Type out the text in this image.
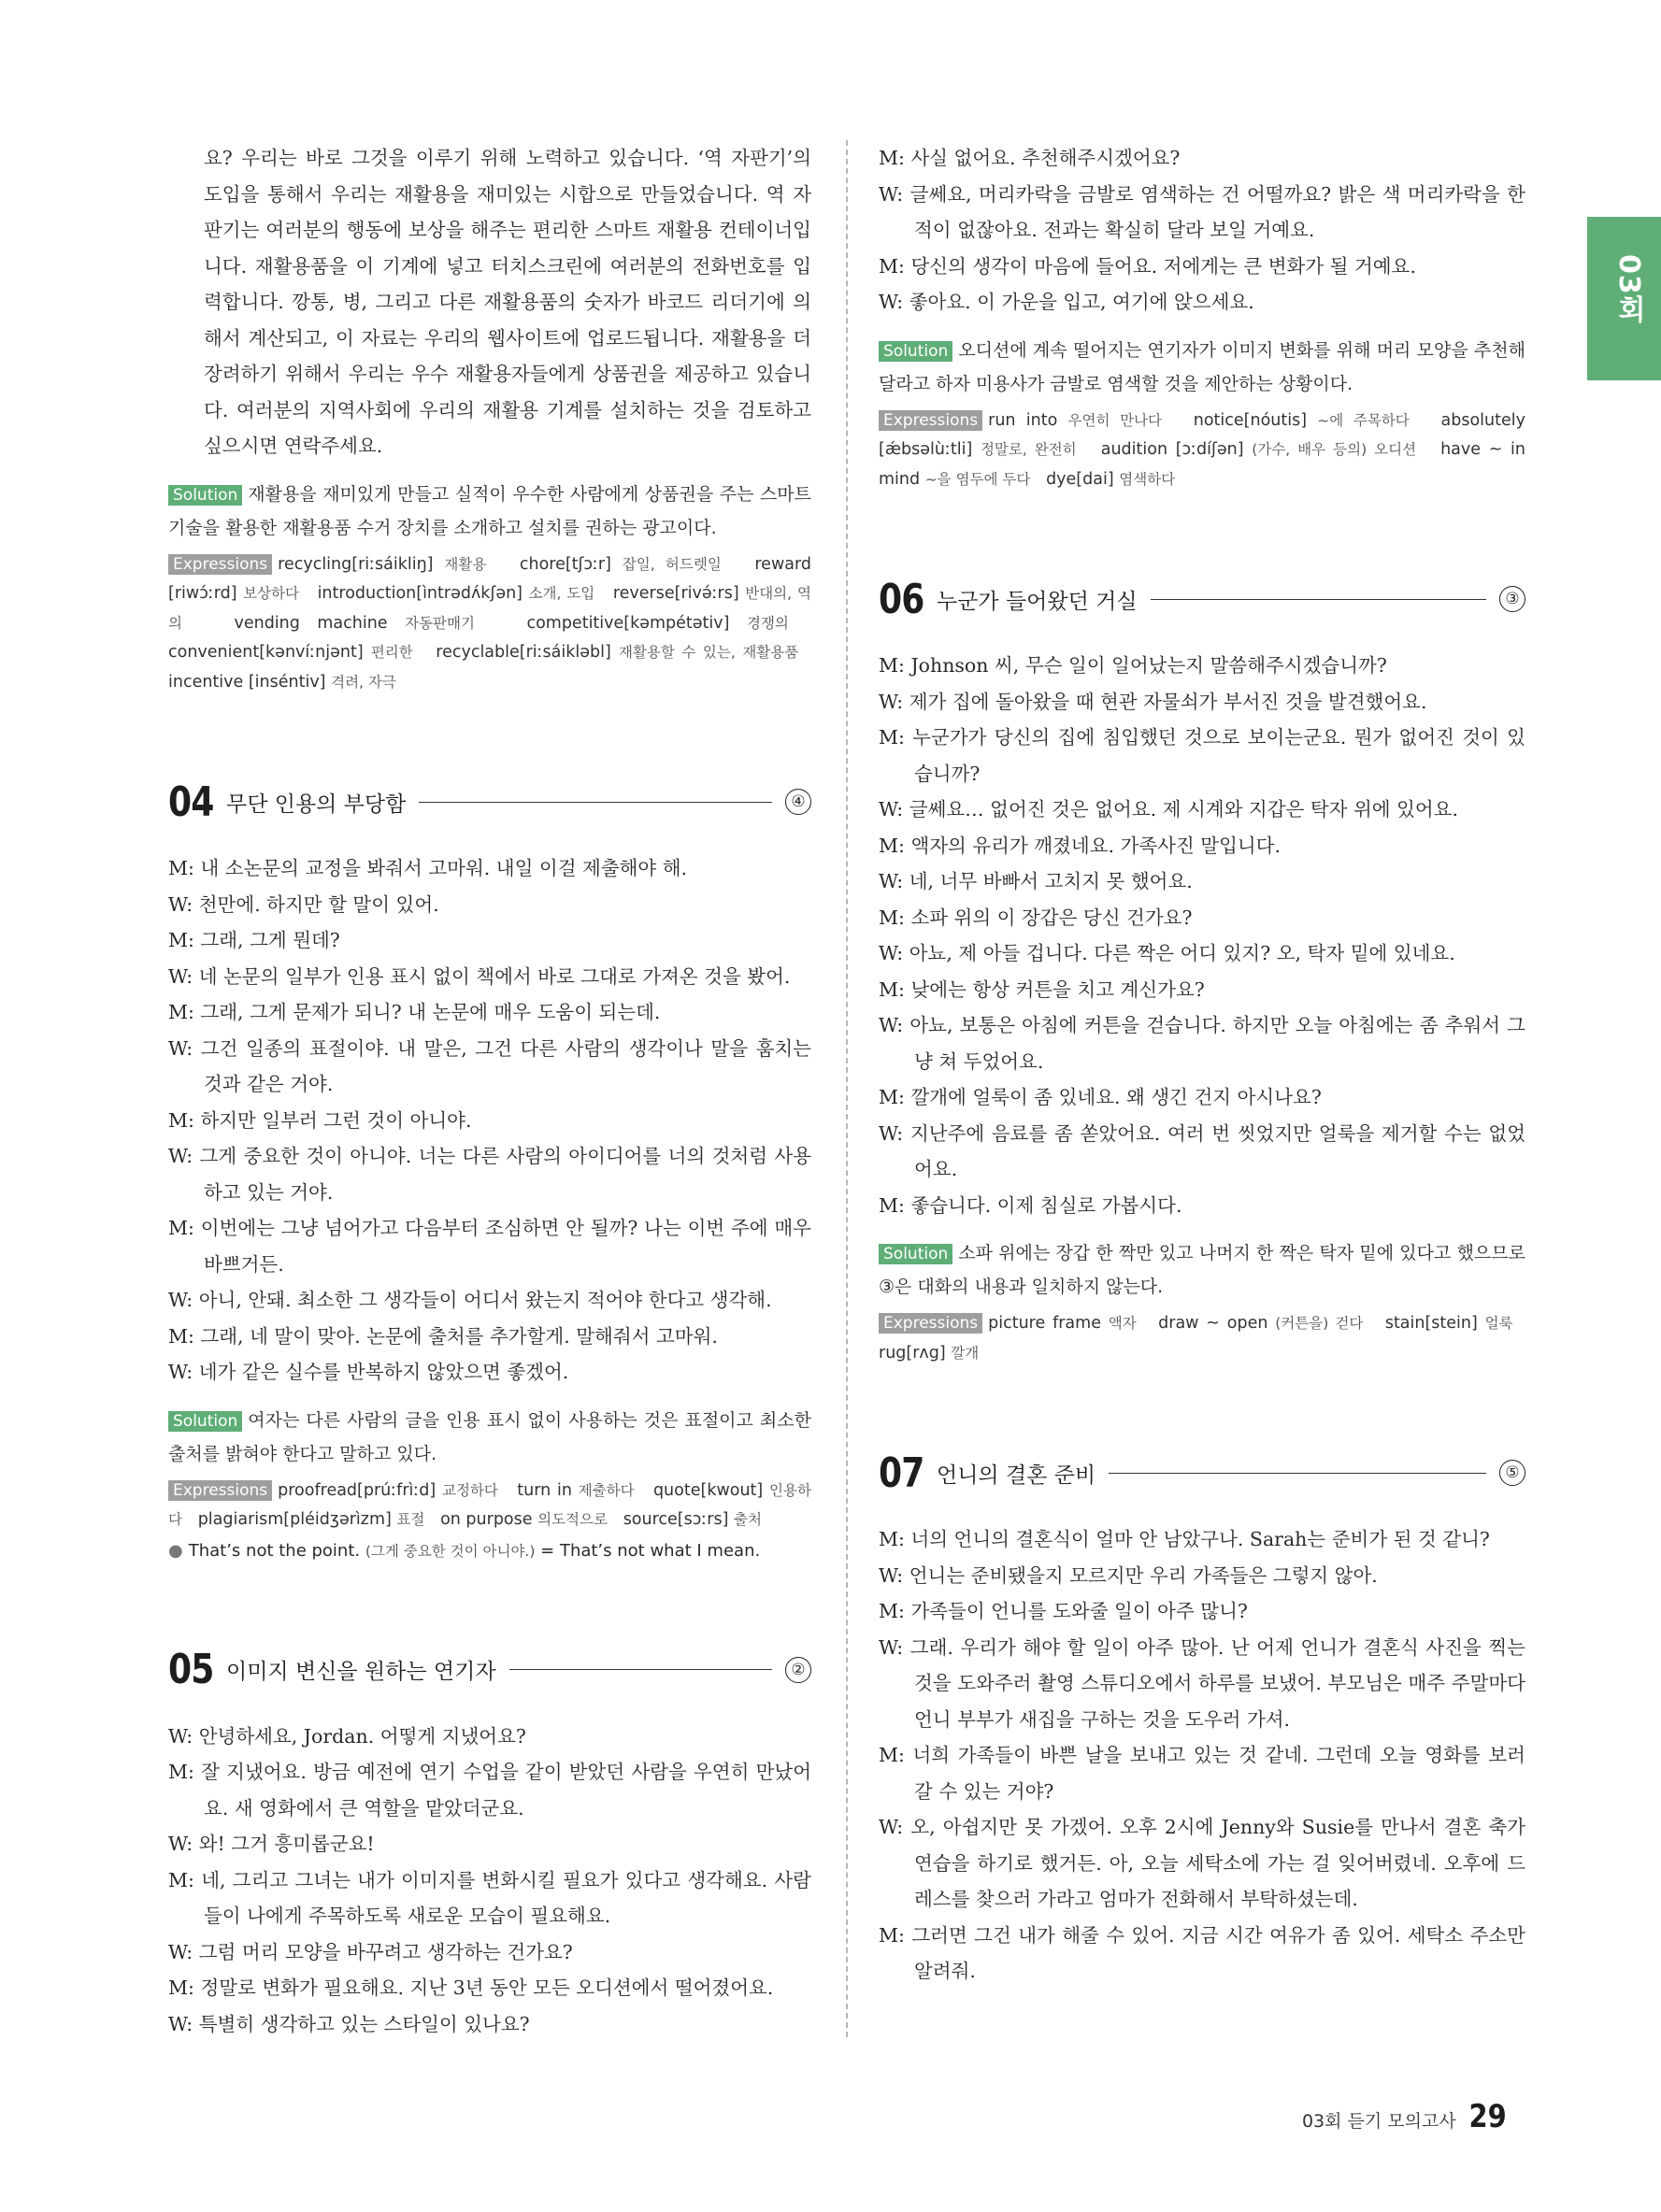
03회

요? 우리는 바로 그것을 이루기 위해 노력하고 있습니다. ‘역 자판기’의 도입을 통해서 우리는 재활용을 재미있는 시합으로 만들었습니다. 역 자판기는 여러분의 행동에 보상을 해주는 편리한 스마트 재활용 컨테이너입니다. 재활용품을 이 기계에 넣고 터치스크린에 여러분의 전화번호를 입력합니다. 깡통, 병, 그리고 다른 재활용품의 숫자가 바코드 리더기에 의해서 계산되고, 이 자료는 우리의 웹사이트에 업로드됩니다. 재활용을 더 장려하기 위해서 우리는 우수 재활용자들에게 상품권을 제공하고 있습니다. 여러분의 지역사회에 우리의 재활용 기계를 설치하는 것을 검토하고 싶으시면 연락주세요.

Solution 재활용을 재미있게 만들고 실적이 우수한 사람에게 상품권을 주는 스마트 기술을 활용한 재활용품 수거 장치를 소개하고 설치를 권하는 광고이다.
Expressions recycling[riːsáikliŋ] 재활용 chore[tʃɔːr] 잡일, 허드렛일 reward [riwɔ́ːrd] 보상하다 introduction[ìntrədʌ́kʃən] 소개, 도입 reverse[rivə́ːrs] 반대의, 역의	vending machine 자동판매기	competitive[kəmpétətiv] 경쟁의   convenient[kənvíːnjənt] 편리한 recyclable[riːsáikləbl] 재활용할 수 있는, 재활용품   incentive [inséntiv] 격려, 자극
04 무단 인용의 부당함	④

M: 내 소논문의 교정을 봐줘서 고마워. 내일 이걸 제출해야 해.

W: 천만에. 하지만 할 말이 있어.

M: 그래, 그게 뭔데?

W: 네 논문의 일부가 인용 표시 없이 책에서 바로 그대로 가져온 것을 봤어.

M: 그래, 그게 문제가 되니? 내 논문에 매우 도움이 되는데.

W: 그건 일종의 표절이야. 내 말은, 그건 다른 사람의 생각이나 말을 훔치는 것과 같은 거야.

M: 하지만 일부러 그런 것이 아니야.

W: 그게 중요한 것이 아니야. 너는 다른 사람의 아이디어를 너의 것처럼 사용하고 있는 거야.

M: 이번에는 그냥 넘어가고 다음부터 조심하면 안 될까? 나는 이번 주에 매우 바쁘거든.

W: 아니, 안돼. 최소한 그 생각들이 어디서 왔는지 적어야 한다고 생각해.

M: 그래, 네 말이 맞아. 논문에 출처를 추가할게. 말해줘서 고마워.

W: 네가 같은 실수를 반복하지 않았으면 좋겠어.

Solution 여자는 다른 사람의 글을 인용 표시 없이 사용하는 것은 표절이고 최소한 출처를 밝혀야 한다고 말하고 있다.
Expressions proofread[prúːfrìːd] 교정하다 turn in 제출하다 quote[kwout] 인용하다 plagiarism[pléidʒərìzm] 표절 on purpose 의도적으로 source[sɔːrs] 출처
● That’s not the point. (그게 중요한 것이 아니야.) = That’s not what I mean.
05 이미지 변신을 원하는 연기자	②

W: 안녕하세요, Jordan. 어떻게 지냈어요?

M: 잘 지냈어요. 방금 예전에 연기 수업을 같이 받았던 사람을 우연히 만났어요. 새 영화에서 큰 역할을 맡았더군요.

W: 와! 그거 흥미롭군요!

M: 네, 그리고 그녀는 내가 이미지를 변화시킬 필요가 있다고 생각해요. 사람들이 나에게 주목하도록 새로운 모습이 필요해요.

W: 그럼 머리 모양을 바꾸려고 생각하는 건가요?

M: 정말로 변화가 필요해요. 지난 3년 동안 모든 오디션에서 떨어졌어요.

W: 특별히 생각하고 있는 스타일이 있나요?

M: 사실 없어요. 추천해주시겠어요?

W: 글쎄요, 머리카락을 금발로 염색하는 건 어떨까요? 밝은 색 머리카락을 한 적이 없잖아요. 전과는 확실히 달라 보일 거예요.

M: 당신의 생각이 마음에 들어요. 저에게는 큰 변화가 될 거예요.

W: 좋아요. 이 가운을 입고, 여기에 앉으세요.

Solution 오디션에 계속 떨어지는 연기자가 이미지 변화를 위해 머리 모양을 추천해달라고 하자 미용사가 금발로 염색할 것을 제안하는 상황이다.
Expressions run into 우연히 만나다 notice[nóutis] ~에 주목하다 absolutely [ǽbsəlùːtli] 정말로, 완전히 audition [ɔːdíʃən] (가수, 배우 등의) 오디션 have ~ in mind ~을 염두에 두다 dye[dai] 염색하다
06 누군가 들어왔던 거실	③

M: Johnson 씨, 무슨 일이 일어났는지 말씀해주시겠습니까?

W: 제가 집에 돌아왔을 때 현관 자물쇠가 부서진 것을 발견했어요.

M: 누군가가 당신의 집에 침입했던 것으로 보이는군요. 뭔가 없어진 것이 있습니까?

W: 글쎄요… 없어진 것은 없어요. 제 시계와 지갑은 탁자 위에 있어요.

M: 액자의 유리가 깨졌네요. 가족사진 말입니다.

W: 네, 너무 바빠서 고치지 못 했어요.

M: 소파 위의 이 장갑은 당신 건가요?

W: 아뇨, 제 아들 겁니다. 다른 짝은 어디 있지? 오, 탁자 밑에 있네요.

M: 낮에는 항상 커튼을 치고 계신가요?

W: 아뇨, 보통은 아침에 커튼을 걷습니다. 하지만 오늘 아침에는 좀 추워서 그냥 쳐 두었어요.

M: 깔개에 얼룩이 좀 있네요. 왜 생긴 건지 아시나요?

W: 지난주에 음료를 좀 쏟았어요. 여러 번 씻었지만 얼룩을 제거할 수는 없었어요.

M: 좋습니다. 이제 침실로 가봅시다.

Solution 소파 위에는 장갑 한 짝만 있고 나머지 한 짝은 탁자 밑에 있다고 했으므로 ③은 대화의 내용과 일치하지 않는다.
Expressions picture frame 액자 draw ~ open (커튼을) 걷다 stain[stein] 얼룩   rug[rʌg] 깔개
07 언니의 결혼 준비	⑤

M: 너의 언니의 결혼식이 얼마 안 남았구나. Sarah는 준비가 된 것 같니?

W: 언니는 준비됐을지 모르지만 우리 가족들은 그렇지 않아.

M: 가족들이 언니를 도와줄 일이 아주 많니?

W: 그래. 우리가 해야 할 일이 아주 많아. 난 어제 언니가 결혼식 사진을 찍는 것을 도와주러 촬영 스튜디오에서 하루를 보냈어. 부모님은 매주 주말마다 언니 부부가 새집을 구하는 것을 도우러 가셔.

M: 너희 가족들이 바쁜 날을 보내고 있는 것 같네. 그런데 오늘 영화를 보러 갈 수 있는 거야?

W: 오, 아쉽지만 못 가겠어. 오후 2시에 Jenny와 Susie를 만나서 결혼 축가 연습을 하기로 했거든. 아, 오늘 세탁소에 가는 걸 잊어버렸네. 오후에 드레스를 찾으러 가라고 엄마가 전화해서 부탁하셨는데.

M: 그러면 그건 내가 해줄 수 있어. 지금 시간 여유가 좀 있어. 세탁소 주소만 알려줘.

03회 듣기 모의고사 29
